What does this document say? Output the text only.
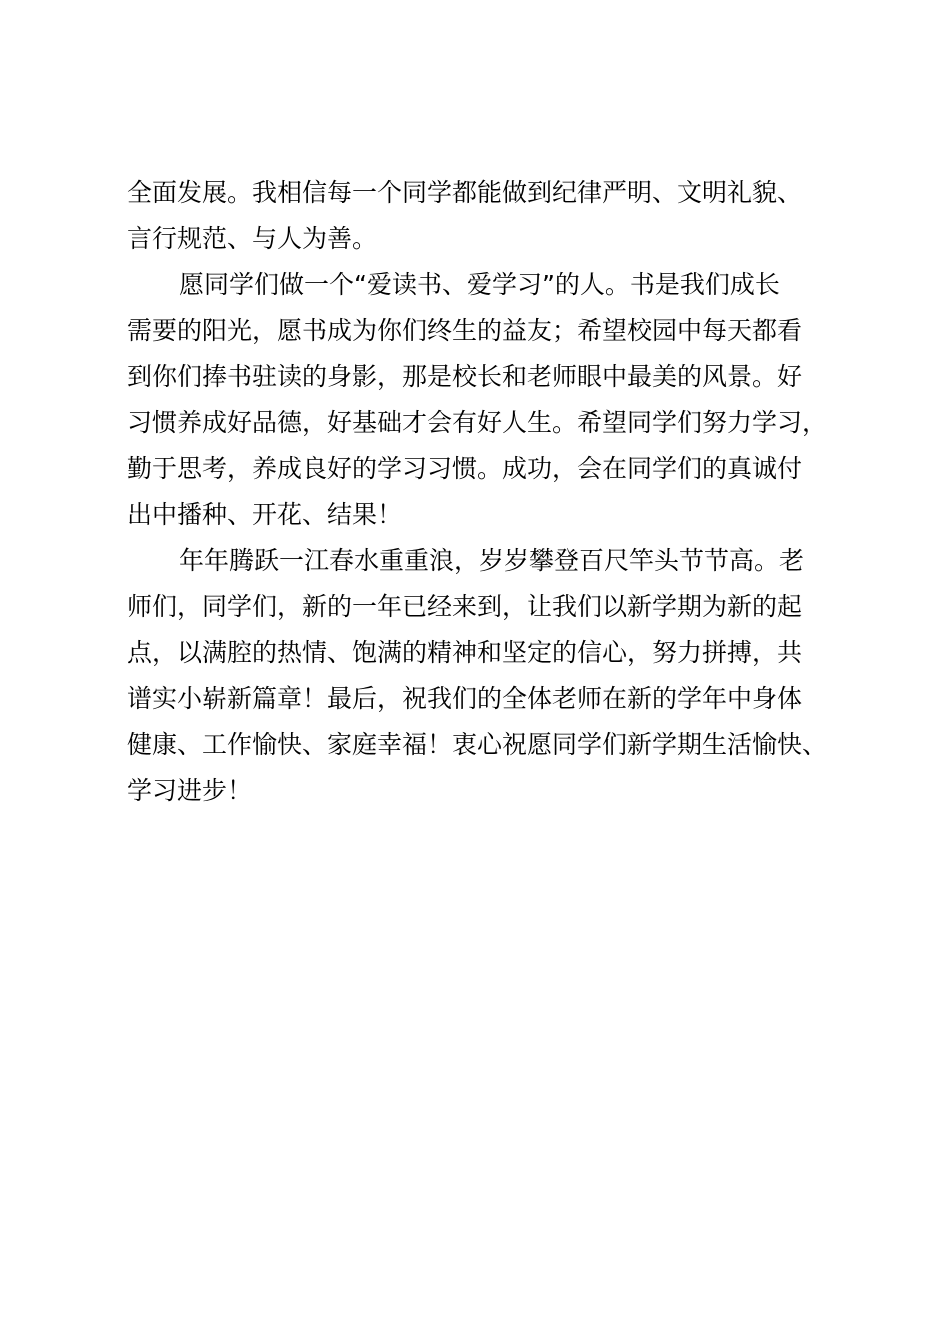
全面发展。我相信每一个同学都能做到纪律严明、文明礼貌、
言行规范、与人为善。
愿同学们做一个“爱读书、爱学习”的人。书是我们成长
需要的阳光，愿书成为你们终生的益友；希望校园中每天都看
到你们捧书驻读的身影，那是校长和老师眼中最美的风景。好
习惯养成好品德，好基础才会有好人生。希望同学们努力学习，
勤于思考，养成良好的学习习惯。成功，会在同学们的真诚付
出中播种、开花、结果！
年年腾跃一江春水重重浪，岁岁攀登百尺竿头节节高。老
师们，同学们，新的一年已经来到，让我们以新学期为新的起
点，以满腔的热情、饱满的精神和坚定的信心，努力拼搏，共
谱实小崭新篇章！最后，祝我们的全体老师在新的学年中身体
健康、工作愉快、家庭幸福！衷心祝愿同学们新学期生活愉快、
学习进步！
